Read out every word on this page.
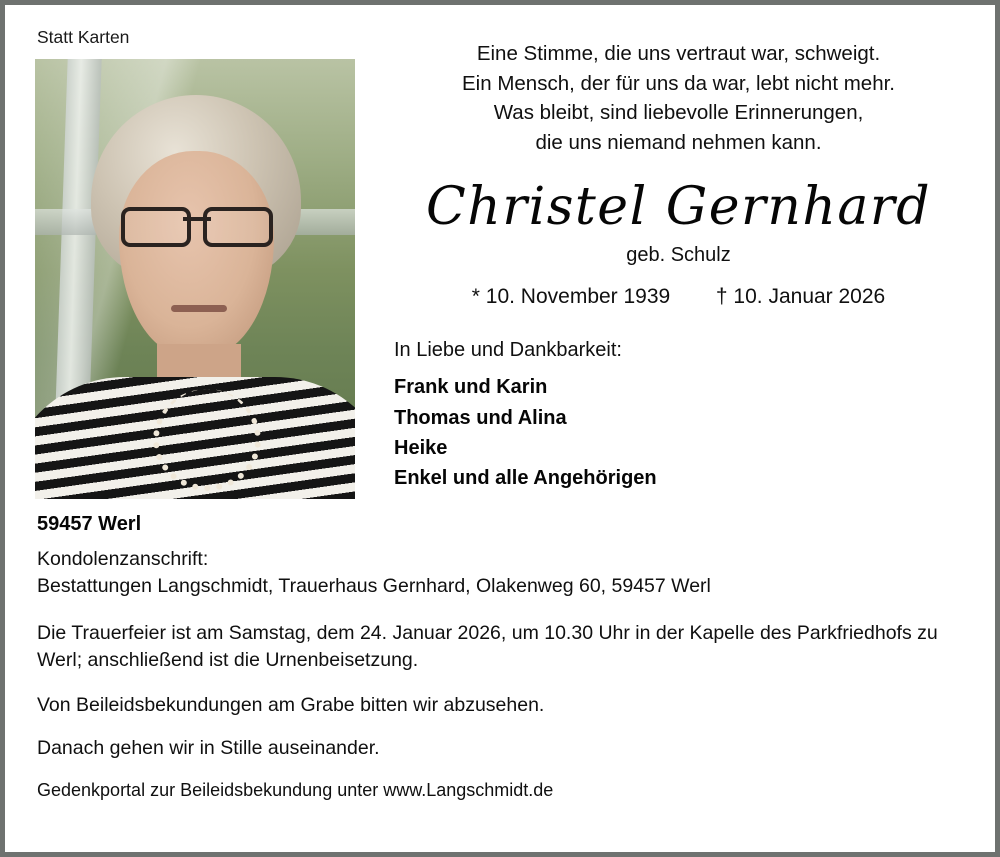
Statt Karten
Eine Stimme, die uns vertraut war, schweigt.
Ein Mensch, der für uns da war, lebt nicht mehr.
Was bleibt, sind liebevolle Erinnerungen,
die uns niemand nehmen kann.
Christel Gernhard
geb. Schulz
* 10. November 1939 † 10. Januar 2026
In Liebe und Dankbarkeit:
Frank und Karin
Thomas und Alina
Heike
Enkel und alle Angehörigen
59457 Werl
Kondolenzanschrift:
Bestattungen Langschmidt, Trauerhaus Gernhard, Olakenweg 60, 59457 Werl
Die Trauerfeier ist am Samstag, dem 24. Januar 2026, um 10.30 Uhr in der Kapelle des Parkfriedhofs zu Werl; anschließend ist die Urnenbeisetzung.
Von Beileidsbekundungen am Grabe bitten wir abzusehen.
Danach gehen wir in Stille auseinander.
Gedenkportal zur Beileidsbekundung unter www.Langschmidt.de
